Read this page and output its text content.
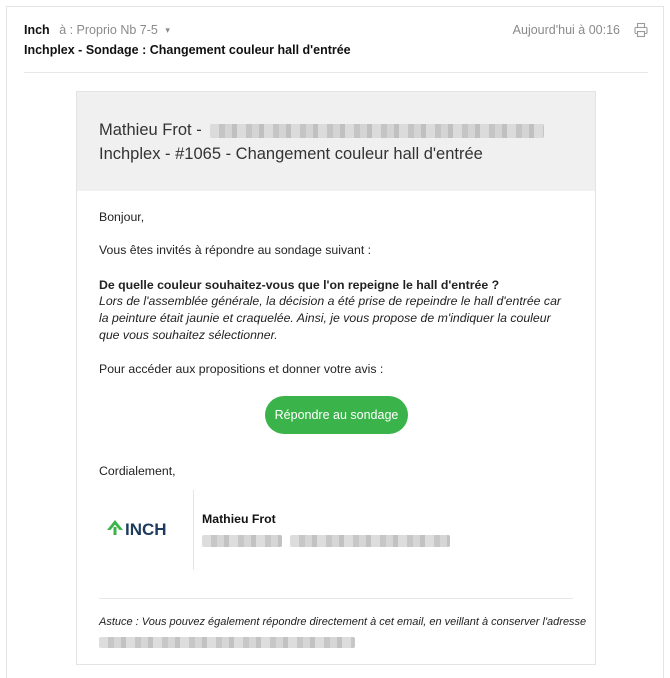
Inch à : Proprio Nb 7-5 ▾	Aujourd'hui à 00:16
Inchplex - Sondage : Changement couleur hall d'entrée
Mathieu Frot -
Inchplex - #1065 - Changement couleur hall d'entrée
Bonjour,
Vous êtes invités à répondre au sondage suivant :
De quelle couleur souhaitez-vous que l'on repeigne le hall d'entrée ?
Lors de l'assemblée générale, la décision a été prise de repeindre le hall d'entrée car la peinture était jaunie et craquelée. Ainsi, je vous propose de m'indiquer la couleur que vous souhaitez sélectionner.
Pour accéder aux propositions et donner votre avis :
Cordialement,
Répondre au sondage
INCH
Mathieu Frot

Astuce : Vous pouvez également répondre directement à cet email, en veillant à conserver l'adresse
